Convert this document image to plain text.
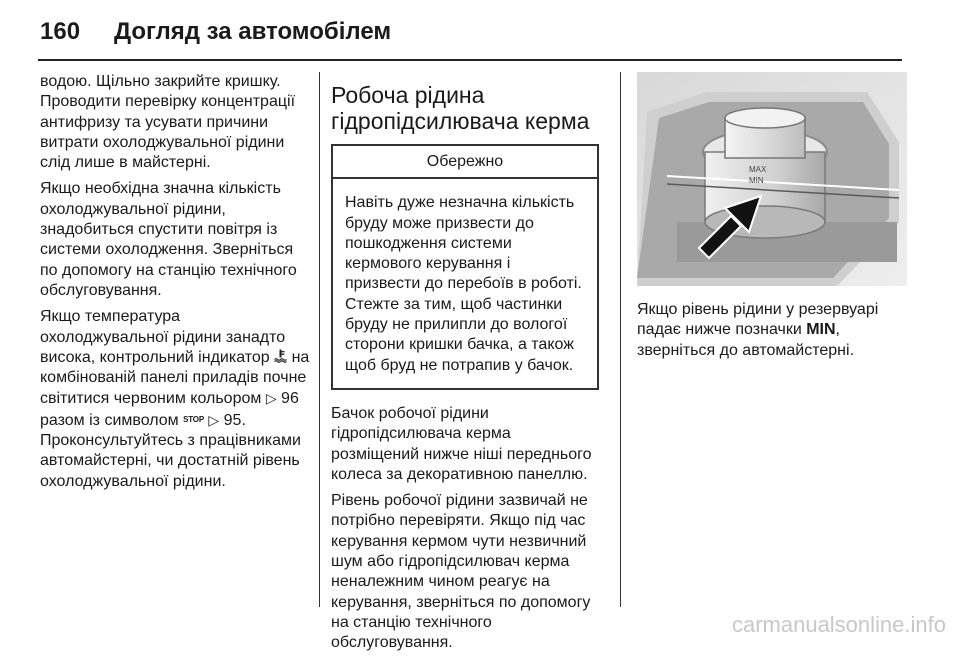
160	Догляд за автомобілем

водою. Щільно закрийте кришку. Проводити перевірку концентрації антифризу та усувати причини витрати охолоджувальної рідини слід лише в майстерні.

Якщо необхідна значна кількість охолоджувальної рідини, знадобиться спустити повітря із системи охолодження. Зверніться по допомогу на станцію технічного обслуговування.

Якщо температура охолоджувальної рідини занадто висока, контрольний індикатор на комбінованій панелі приладів почне світитися червоним кольором ▷ 96 разом із символом STOP ▷ 95. Проконсультуйтесь з працівниками автомайстерні, чи достатній рівень охолоджувальної рідини.

Робоча рідина гідропідсилювача керма
Обережно
Навіть дуже незначна кількість бруду може призвести до пошкодження системи кермового керування і призвести до перебоїв в роботі. Стежте за тим, щоб частинки бруду не прилипли до вологої сторони кришки бачка, а також щоб бруд не потрапив у бачок.

Бачок робочої рідини гідропідсилювача керма розміщений нижче ніші переднього колеса за декоративною панеллю.

Рівень робочої рідини зазвичай не потрібно перевіряти. Якщо під час керування кермом чути незвичний шум або гідропідсилювач керма неналежним чином реагує на керування, зверніться по допомогу на станцію технічного обслуговування.

MAX
MIN

Якщо рівень рідини у резервуарі падає нижче позначки MIN, зверніться до автомайстерні.

carmanualsonline.info
